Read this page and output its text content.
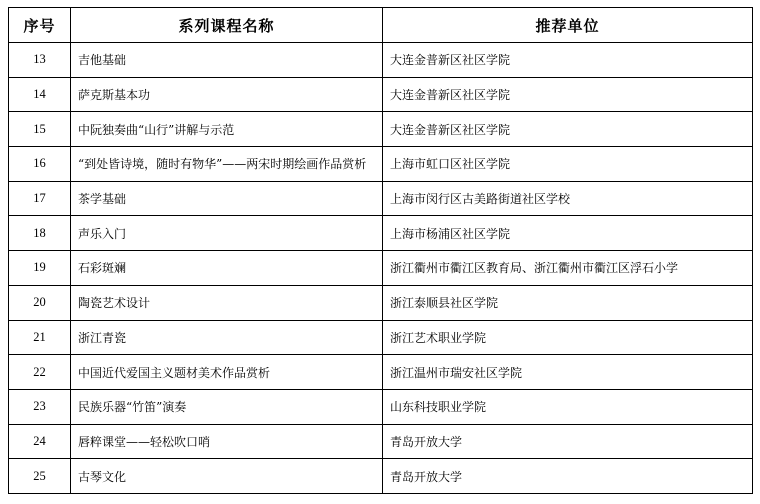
序号	系列课程名称	推荐单位
13	吉他基础	大连金普新区社区学院
14	萨克斯基本功	大连金普新区社区学院
15	中阮独奏曲“山行”讲解与示范	大连金普新区社区学院
16	“到处皆诗境，随时有物华”——两宋时期绘画作品赏析	上海市虹口区社区学院
17	茶学基础	上海市闵行区古美路街道社区学校
18	声乐入门	上海市杨浦区社区学院
19	石彩斑斓	浙江衢州市衢江区教育局、浙江衢州市衢江区浮石小学
20	陶瓷艺术设计	浙江泰顺县社区学院
21	浙江青瓷	浙江艺术职业学院
22	中国近代爱国主义题材美术作品赏析	浙江温州市瑞安社区学院
23	民族乐器“竹笛”演奏	山东科技职业学院
24	唇粹课堂——轻松吹口哨	青岛开放大学
25	古琴文化	青岛开放大学
